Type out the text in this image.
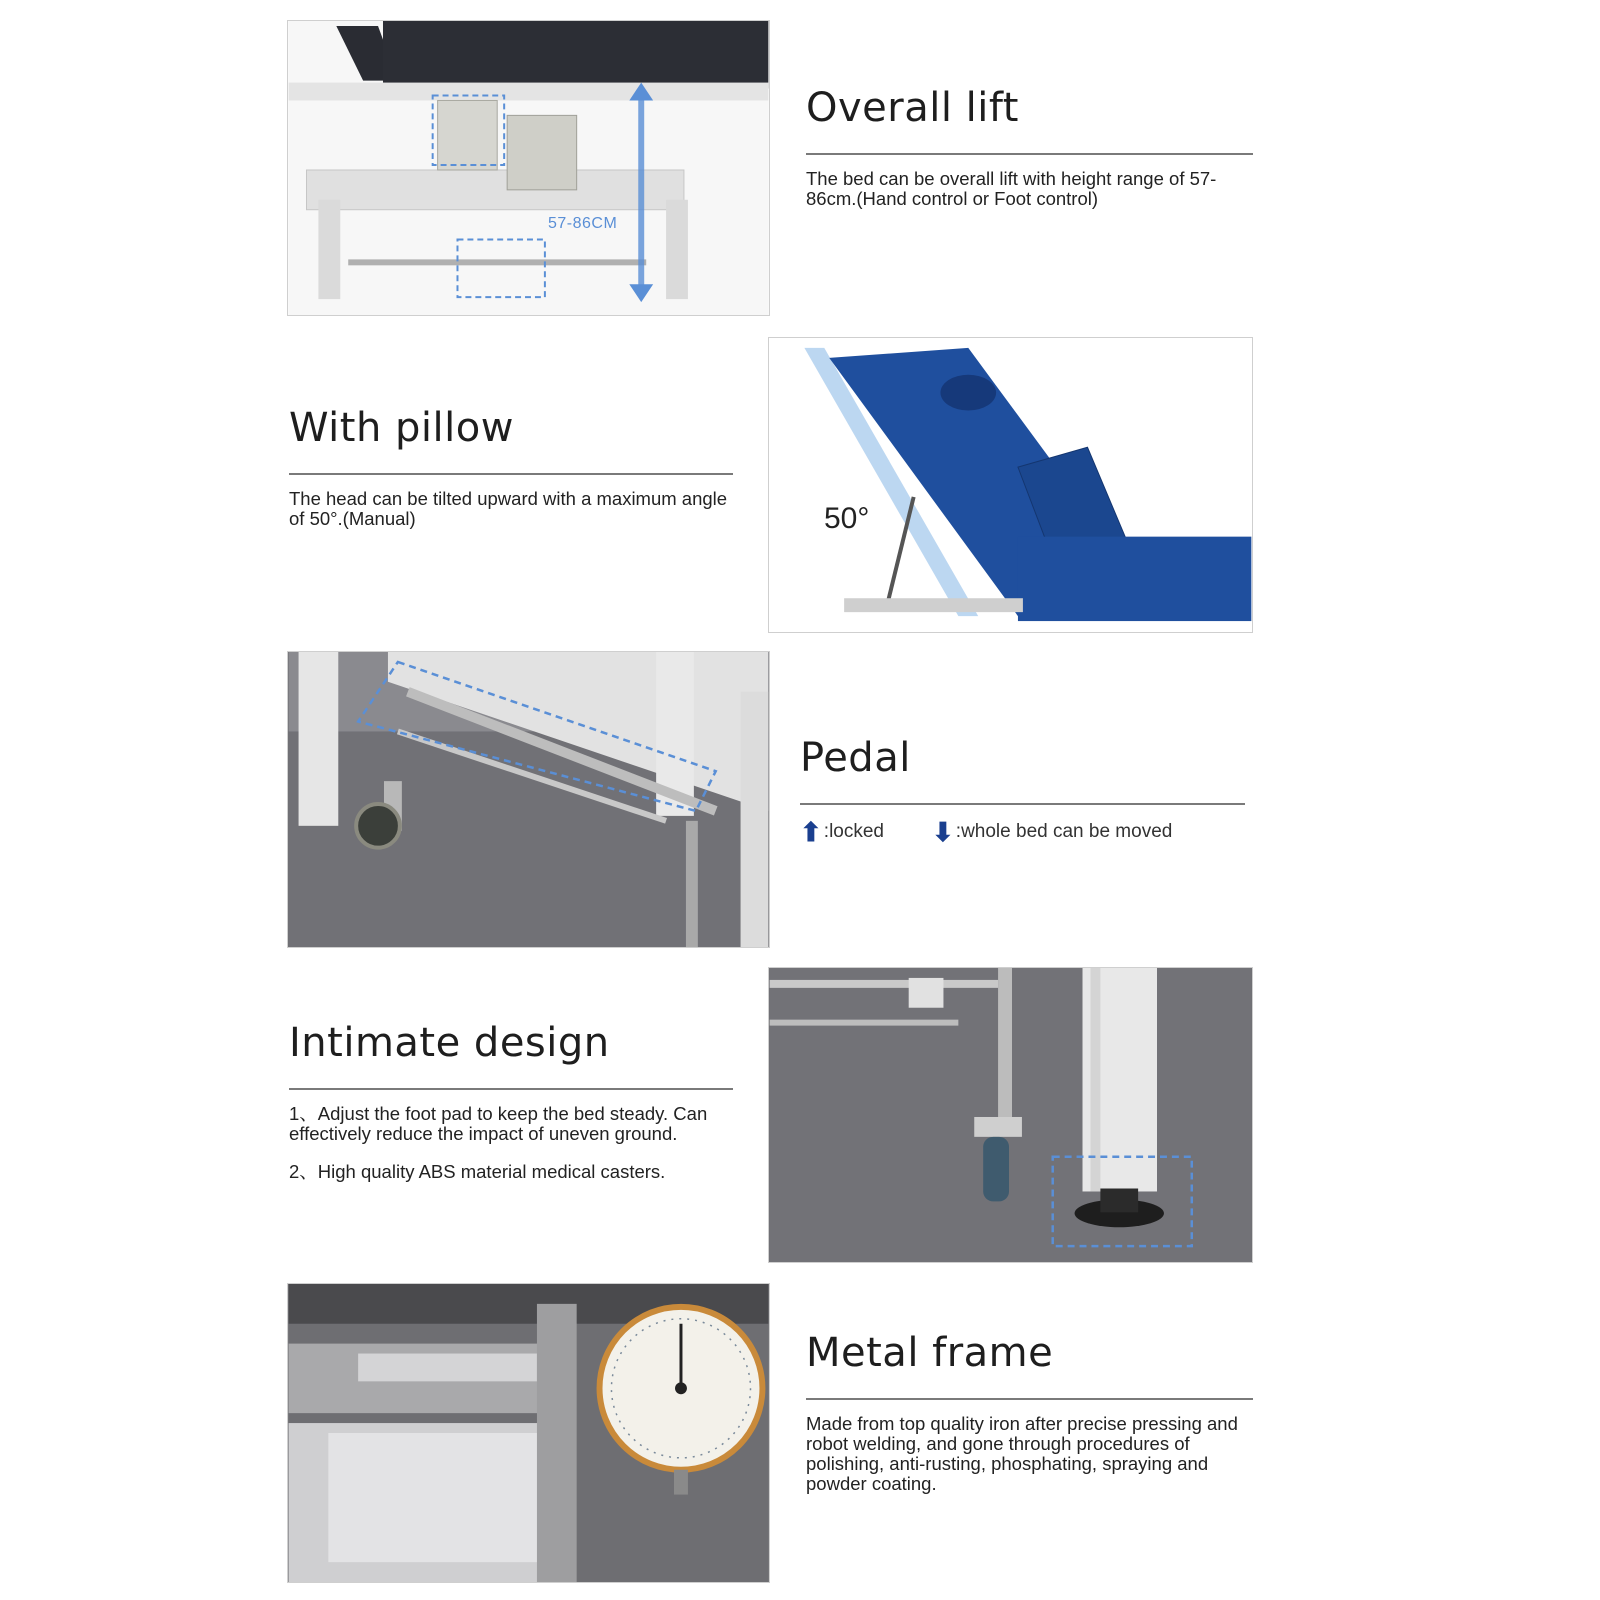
57-86CM
Overall lift
The bed can be overall lift with height range of 57-86cm.(Hand control or Foot control)
With pillow
The head can be tilted upward with a maximum angle of 50°.(Manual)	50°
Pedal
⬆ :locked ⬇ :whole bed can be moved
Intimate design

1、Adjust the foot pad to keep the bed steady. Can effectively reduce the impact of uneven ground.

2、High quality ABS material medical casters.

Metal frame
Made from top quality iron after precise pressing and robot welding, and gone through procedures of polishing, anti-rusting, phosphating, spraying and powder coating.
